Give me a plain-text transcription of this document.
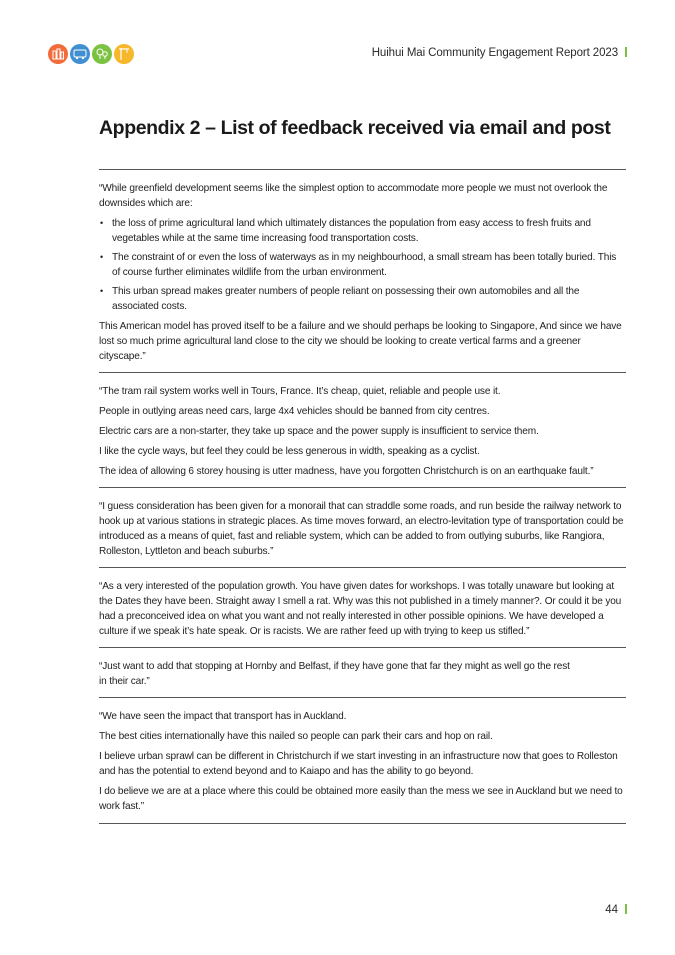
Huihui Mai Community Engagement Report 2023
Appendix 2 – List of feedback received via email and post

“While greenfield development seems like the simplest option to accommodate more people we must not overlook the downsides which are:

• the loss of prime agricultural land which ultimately distances the population from easy access to fresh fruits and vegetables while at the same time increasing food transportation costs.
• The constraint of or even the loss of waterways as in my neighbourhood, a small stream has been totally buried. This of course further eliminates wildlife from the urban environment.
• This urban spread makes greater numbers of people reliant on possessing their own automobiles and all the associated costs.

This American model has proved itself to be a failure and we should perhaps be looking to Singapore, And since we have lost so much prime agricultural land close to the city we should be looking to create vertical farms and a greener cityscape.”

“The tram rail system works well in Tours, France. It’s cheap, quiet, reliable and people use it.

People in outlying areas need cars, large 4x4 vehicles should be banned from city centres.

Electric cars are a non-starter, they take up space and the power supply is insufficient to service them.

I like the cycle ways, but feel they could be less generous in width, speaking as a cyclist.

The idea of allowing 6 storey housing is utter madness, have you forgotten Christchurch is on an earthquake fault.”

“I guess consideration has been given for a monorail that can straddle some roads, and run beside the railway network to hook up at various stations in strategic places. As time moves forward, an electro-levitation type of transportation could be introduced as a means of quiet, fast and reliable system, which can be added to from outlying suburbs, like Rangiora, Rolleston, Lyttleton and beach suburbs.”

“As a very interested of the population growth. You have given dates for workshops. I was totally unaware but looking at the Dates they have been. Straight away I smell a rat. Why was this not published in a timely manner?. Or could it be you had a preconceived idea on what you want and not really interested in other possible opinions. We have developed a culture if we speak it’s hate speak. Or is racists. We are rather feed up with trying to keep us stifled.”

“Just want to add that stopping at Hornby and Belfast, if they have gone that far they might as well go the rest in their car.”

“We have seen the impact that transport has in Auckland.

The best cities internationally have this nailed so people can park their cars and hop on rail.

I believe urban sprawl can be different in Christchurch if we start investing in an infrastructure now that goes to Rolleston and has the potential to extend beyond and to Kaiapo and has the ability to go beyond.

I do believe we are at a place where this could be obtained more easily than the mess we see in Auckland but we need to work fast.”

44
